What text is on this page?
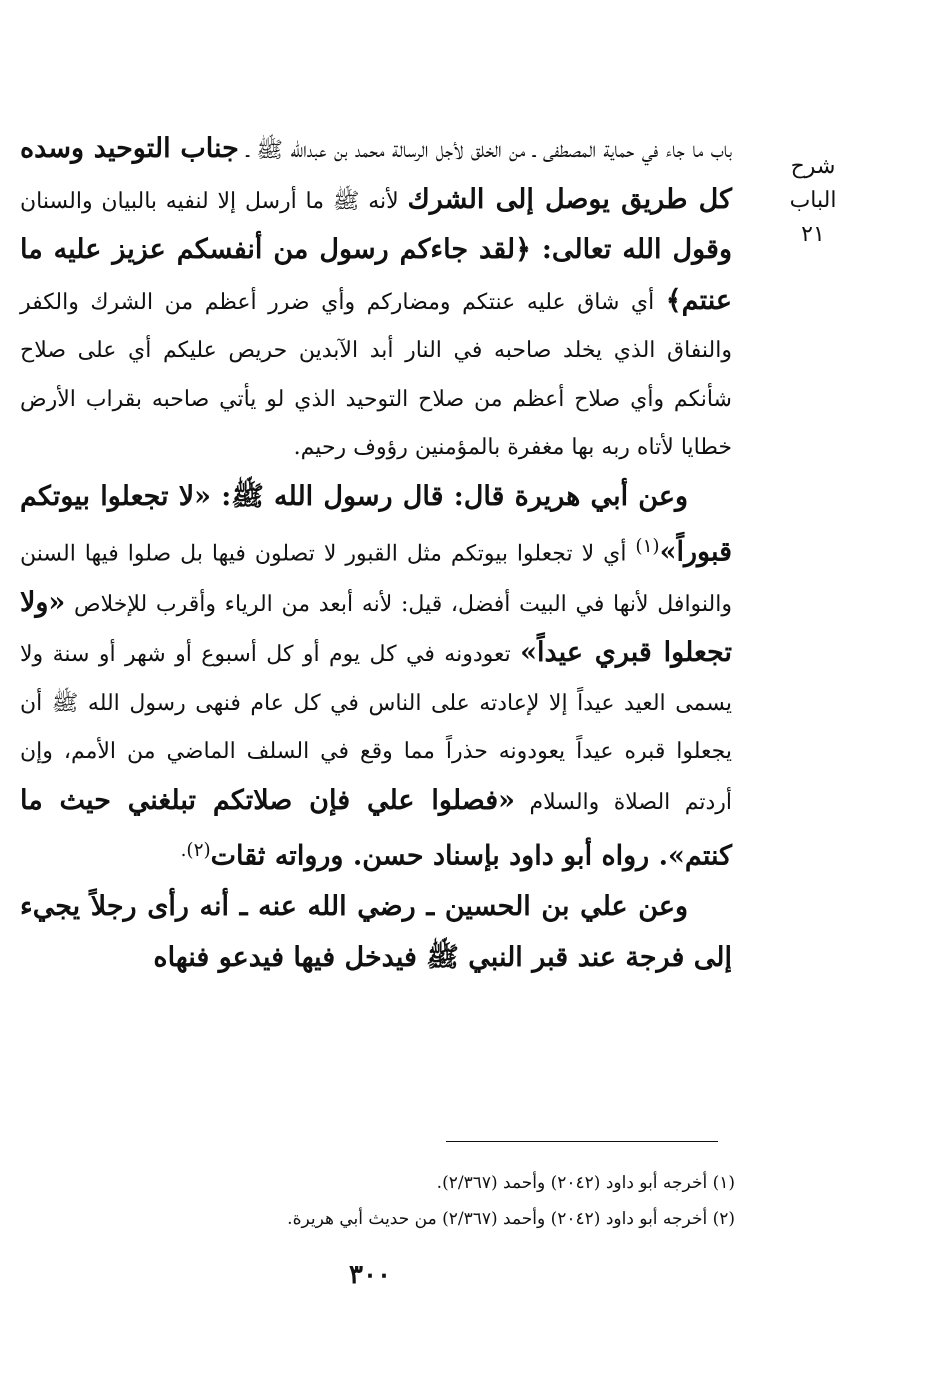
شرح الباب
٢١

باب ما جاء في حماية المصطفى ـ من الخلق لأجل الرسالة محمد بن عبدالله ﷺ ـ جناب التوحيد وسده كل طريق يوصل إلى الشرك لأنه ﷺ ما أرسل إلا لنفيه بالبيان والسنان وقول الله تعالى: ﴿لقد جاءكم رسول من أنفسكم عزيز عليه ما عنتم﴾ أي شاق عليه عنتكم ومضاركم وأي ضرر أعظم من الشرك والكفر والنفاق الذي يخلد صاحبه في النار أبد الآبدين حريص عليكم أي على صلاح شأنكم وأي صلاح أعظم من صلاح التوحيد الذي لو يأتي صاحبه بقراب الأرض خطايا لأتاه ربه بها مغفرة بالمؤمنين رؤوف رحيم.

وعن أبي هريرة قال: قال رسول الله ﷺ: «لا تجعلوا بيوتكم قبوراً»$^{(١)}$ أي لا تجعلوا بيوتكم مثل القبور لا تصلون فيها بل صلوا فيها السنن والنوافل لأنها في البيت أفضل، قيل: لأنه أبعد من الرياء وأقرب للإخلاص «ولا تجعلوا قبري عيداً» تعودونه في كل يوم أو كل أسبوع أو شهر أو سنة ولا يسمى العيد عيداً إلا لإعادته على الناس في كل عام فنهى رسول الله ﷺ أن يجعلوا قبره عيداً يعودونه حذراً مما وقع في السلف الماضي من الأمم، وإن أردتم الصلاة والسلام «فصلوا علي فإن صلاتكم تبلغني حيث ما كنتم». رواه أبو داود بإسناد حسن. ورواته ثقات$^{(٢).}$

وعن علي بن الحسين ـ رضي الله عنه ـ أنه رأى رجلاً يجيء إلى فرجة عند قبر النبي ﷺ فيدخل فيها فيدعو فنهاه

(١) أخرجه أبو داود (٢٠٤٢) وأحمد (٢/٣٦٧).
(٢) أخرجه أبو داود (٢٠٤٢) وأحمد (٢/٣٦٧) من حديث أبي هريرة.
٣٠٠
